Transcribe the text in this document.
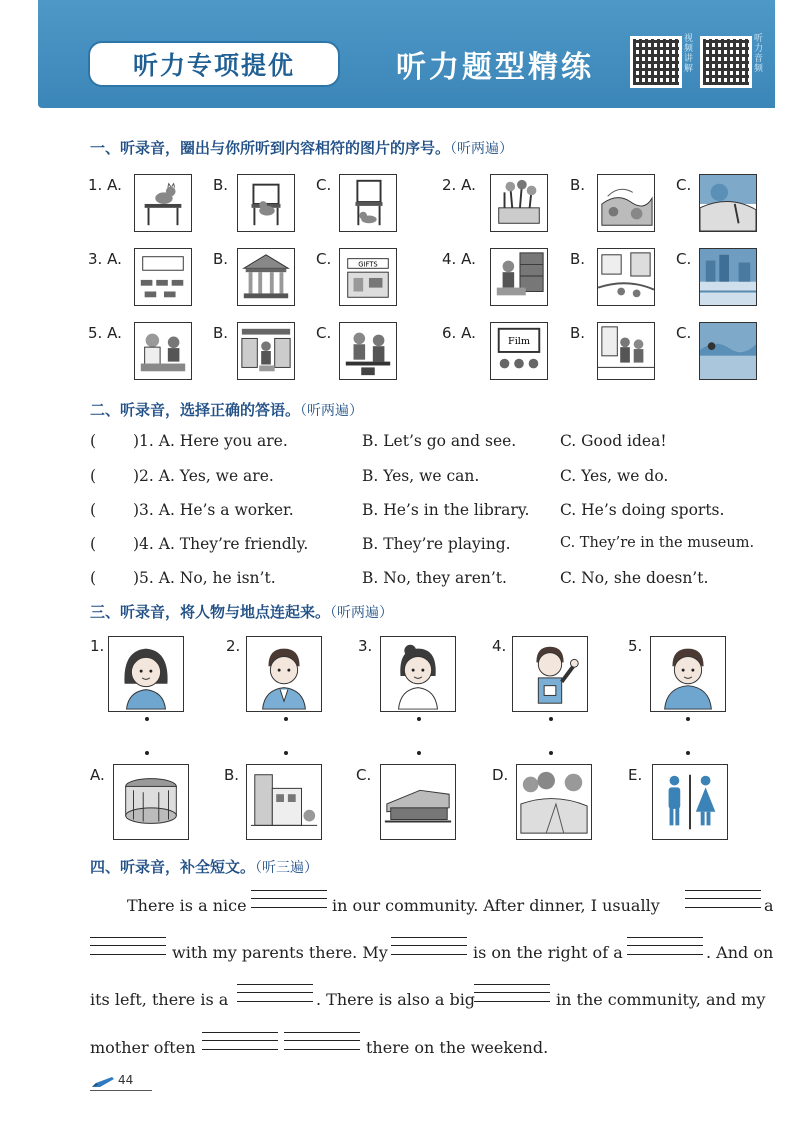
听力专项提优	听力题型精练
视频讲解
听力音频
一、听录音，圈出与你所听到内容相符的图片的序号。（听两遍）
1. A.	B.	C.	2. A.	B.	C.
3. A.	B.	C.	GIFTS	4. A.	B.	C.
5. A.	B.	C.	6. A.	B.	C.
Film
二、听录音，选择正确的答语。（听两遍）
( )1. A. Here you are.	B. Let’s go and see.	C. Good idea!
( )2. A. Yes, we are.	B. Yes, we can.	C. Yes, we do.
( )3. A. He’s a worker.	B. He’s in the library. C. He’s doing sports.
( )4. A. They’re friendly.	B. They’re playing.	C. They’re in the museum.
( )5. A. No, he isn’t.	B. No, they aren’t.	C. No, she doesn’t.
三、听录音，将人物与地点连起来。（听两遍）
1.	2.	3.	4.	5.
A.	B.	C.	D.	E.
四、听录音，补全短文。（听三遍）
There is a nice	in our community. After dinner, I usually	a
with my parents there. My	is on the right of a	. And on
its left, there is a	. There is also a big	in the community, and my
mother often	there on the weekend.
44
